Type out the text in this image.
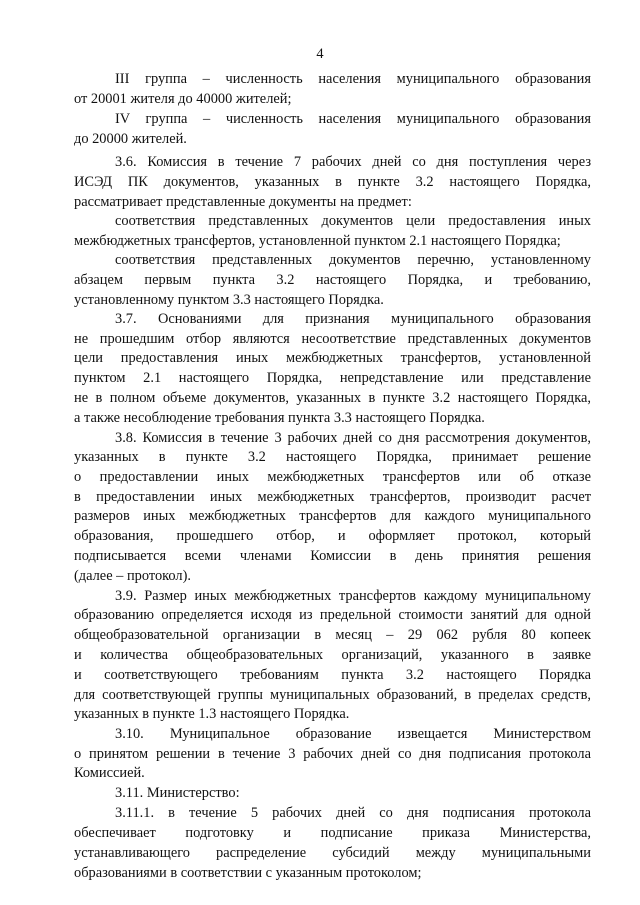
4
III группа – численность населения муниципального образования
от 20001 жителя до 40000 жителей;
IV группа – численность населения муниципального образования
до 20000 жителей.
3.6. Комиссия в течение 7 рабочих дней со дня поступления через
ИСЭД ПК документов, указанных в пункте 3.2 настоящего Порядка,
рассматривает представленные документы на предмет:
соответствия представленных документов цели предоставления иных
межбюджетных трансфертов, установленной пунктом 2.1 настоящего Порядка;
соответствия представленных документов перечню, установленному
абзацем первым пункта 3.2 настоящего Порядка, и требованию,
установленному пунктом 3.3 настоящего Порядка.
3.7. Основаниями для признания муниципального образования
не прошедшим отбор являются несоответствие представленных документов
цели предоставления иных межбюджетных трансфертов, установленной
пунктом 2.1 настоящего Порядка, непредставление или представление
не в полном объеме документов, указанных в пункте 3.2 настоящего Порядка,
а также несоблюдение требования пункта 3.3 настоящего Порядка.
3.8. Комиссия в течение 3 рабочих дней со дня рассмотрения документов,
указанных в пункте 3.2 настоящего Порядка, принимает решение
о предоставлении иных межбюджетных трансфертов или об отказе
в предоставлении иных межбюджетных трансфертов, производит расчет
размеров иных межбюджетных трансфертов для каждого муниципального
образования, прошедшего отбор, и оформляет протокол, который
подписывается всеми членами Комиссии в день принятия решения
(далее – протокол).
3.9. Размер иных межбюджетных трансфертов каждому муниципальному
образованию определяется исходя из предельной стоимости занятий для одной
общеобразовательной организации в месяц – 29 062 рубля 80 копеек
и количества общеобразовательных организаций, указанного в заявке
и соответствующего требованиям пункта 3.2 настоящего Порядка
для соответствующей группы муниципальных образований, в пределах средств,
указанных в пункте 1.3 настоящего Порядка.
3.10. Муниципальное образование извещается Министерством
о принятом решении в течение 3 рабочих дней со дня подписания протокола
Комиссией.
3.11. Министерство:
3.11.1. в течение 5 рабочих дней со дня подписания протокола
обеспечивает подготовку и подписание приказа Министерства,
устанавливающего распределение субсидий между муниципальными
образованиями в соответствии с указанным протоколом;
